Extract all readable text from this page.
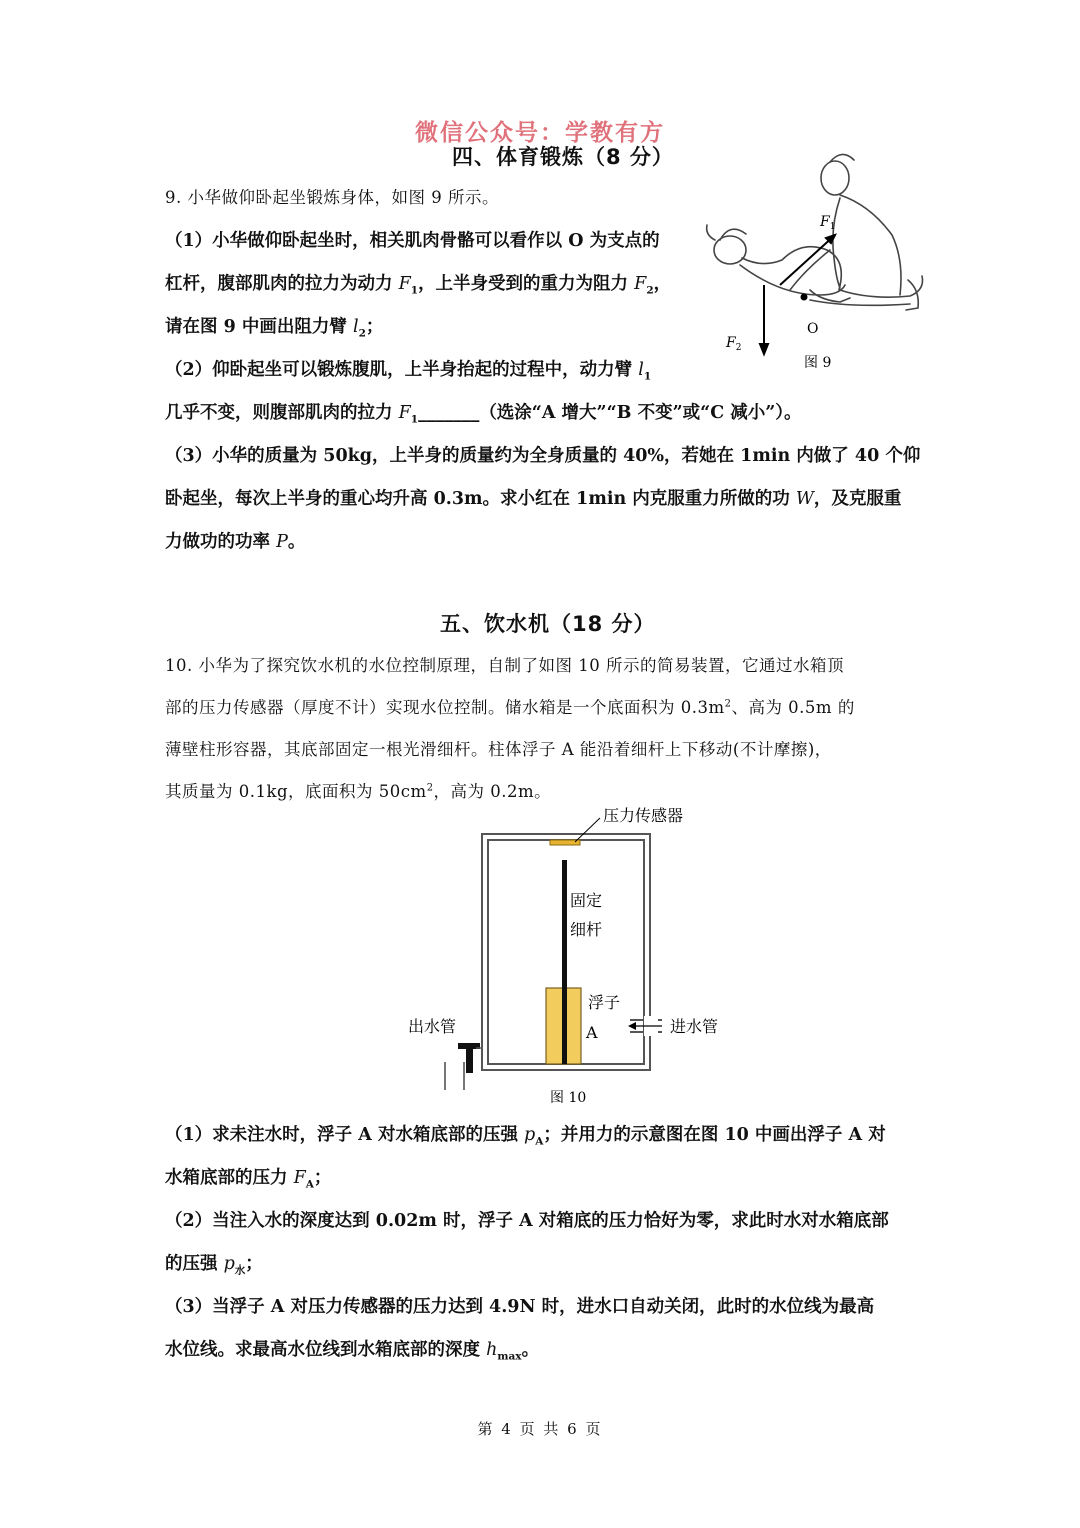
微信公众号：学教有方
四、体育锻炼（8 分）
9. 小华做仰卧起坐锻炼身体，如图 9 所示。
（1）小华做仰卧起坐时，相关肌肉骨骼可以看作以 O 为支点的
杠杆，腹部肌肉的拉力为动力 $F_1$，上半身受到的重力为阻力 $F_2$，
请在图 9 中画出阻力臂 $l_2$；
（2）仰卧起坐可以锻炼腹肌，上半身抬起的过程中，动力臂 $l_1$
几乎不变，则腹部肌肉的拉力 $F_1\_\_\_\_\_\_\_$（选涂“A 增大”“B 不变”或“C 减小”）。
（3）小华的质量为 50kg，上半身的质量约为全身质量的 40%，若她在 1min 内做了 40 个仰
卧起坐，每次上半身的重心均升高 0.3m。求小红在 1min 内克服重力所做的功 W，及克服重
力做功的功率 P。
$F_1$
$F_2$
O
图 9
五、饮水机（18 分）
10. 小华为了探究饮水机的水位控制原理，自制了如图 10 所示的简易装置，它通过水箱顶
部的压力传感器（厚度不计）实现水位控制。储水箱是一个底面积为 $0.3m^2$、高为 0.5m 的
薄壁柱形容器，其底部固定一根光滑细杆。柱体浮子 A 能沿着细杆上下移动(不计摩擦)，
其质量为 0.1kg，底面积为 $50cm^2$，高为 0.2m。
压力传感器
固定
细杆
浮子
A	进水管
出水管
图 10
（1）求未注水时，浮子 A 对水箱底部的压强 $p_A$；并用力的示意图在图 10 中画出浮子 A 对
水箱底部的压力 $F_A$；
（2）当注入水的深度达到 0.02m 时，浮子 A 对箱底的压力恰好为零，求此时水对水箱底部
的压强 $p_水$；
（3）当浮子 A 对压力传感器的压力达到 4.9N 时，进水口自动关闭，此时的水位线为最高
水位线。求最高水位线到水箱底部的深度 $h_{max}$。
第 4 页 共 6 页
